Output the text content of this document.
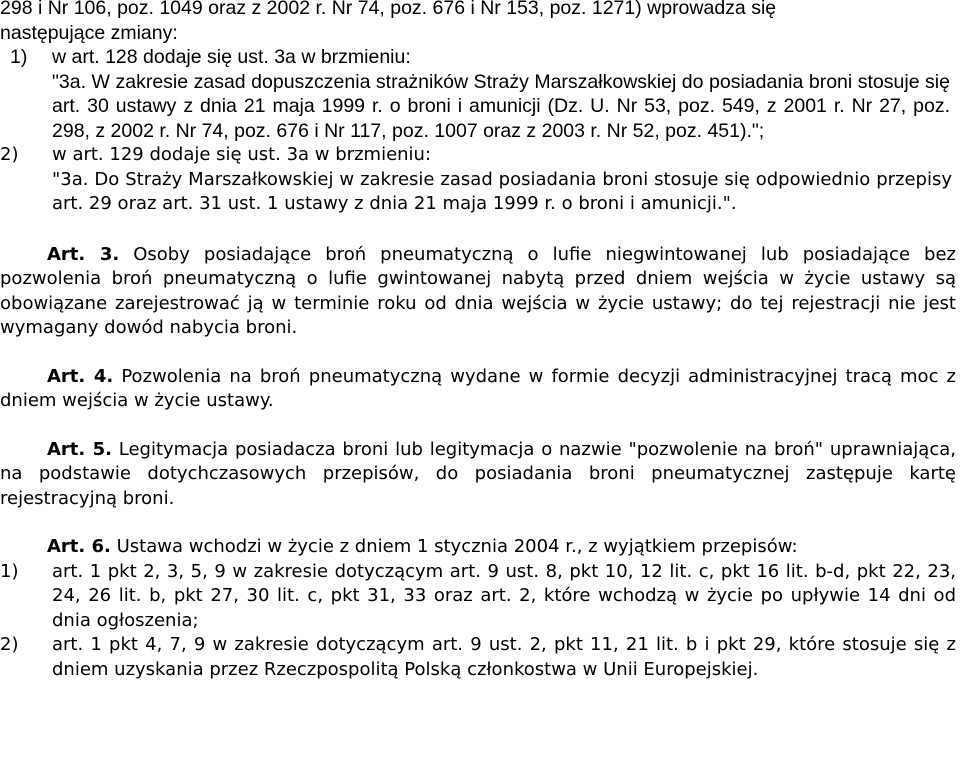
298 i Nr 106, poz. 1049 oraz z 2002 r. Nr 74, poz. 676 i Nr 153, poz. 1271) wprowadza się

następujące zmiany:

1)	w art. 128 dodaje się ust. 3a w brzmieniu:

"3a. W zakresie zasad dopuszczenia strażników Straży Marszałkowskiej do posiadania broni stosuje się art. 30 ustawy z dnia 21 maja 1999 r. o broni i amunicji (Dz. U. Nr 53, poz. 549, z 2001 r. Nr 27, poz. 298, z 2002 r. Nr 74, poz. 676 i Nr 117, poz. 1007 oraz z 2003 r. Nr 52, poz. 451).";

2)	w art. 129 dodaje się ust. 3a w brzmieniu:

"3a. Do Straży Marszałkowskiej w zakresie zasad posiadania broni stosuje się odpowiednio przepisy art. 29 oraz art. 31 ust. 1 ustawy z dnia 21 maja 1999 r. o broni i amunicji.".

Art. 3. Osoby posiadające broń pneumatyczną o lufie niegwintowanej lub posiadające bez pozwolenia broń pneumatyczną o lufie gwintowanej nabytą przed dniem wejścia w życie ustawy są obowiązane zarejestrować ją w terminie roku od dnia wejścia w życie ustawy; do tej rejestracji nie jest wymagany dowód nabycia broni.

Art. 4. Pozwolenia na broń pneumatyczną wydane w formie decyzji administracyjnej tracą moc z dniem wejścia w życie ustawy.

Art. 5. Legitymacja posiadacza broni lub legitymacja o nazwie "pozwolenie na broń" uprawniająca, na podstawie dotychczasowych przepisów, do posiadania broni pneumatycznej zastępuje kartę rejestracyjną broni.

Art. 6. Ustawa wchodzi w życie z dniem 1 stycznia 2004 r., z wyjątkiem przepisów:

1)	art. 1 pkt 2, 3, 5, 9 w zakresie dotyczącym art. 9 ust. 8, pkt 10, 12 lit. c, pkt 16 lit. b-d, pkt 22, 23, 24, 26 lit. b, pkt 27, 30 lit. c, pkt 31, 33 oraz art. 2, które wchodzą w życie po upływie 14 dni od dnia ogłoszenia;
2)	art. 1 pkt 4, 7, 9 w zakresie dotyczącym art. 9 ust. 2, pkt 11, 21 lit. b i pkt 29, które stosuje się z dniem uzyskania przez Rzeczpospolitą Polską członkostwa w Unii Europejskiej.
